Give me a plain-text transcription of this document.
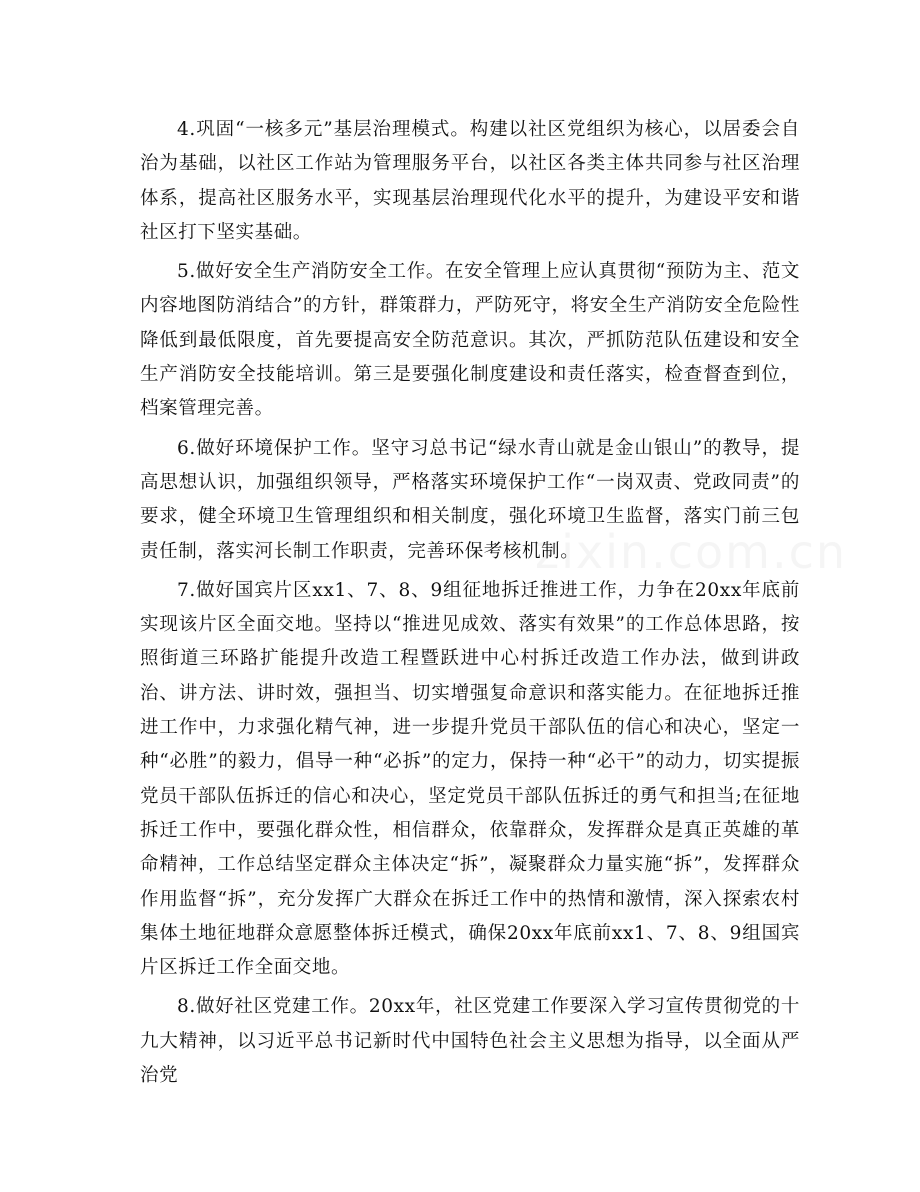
4.巩固“一核多元”基层治理模式。构建以社区党组织为核心，以居委会自治为基础，以社区工作站为管理服务平台，以社区各类主体共同参与社区治理体系，提高社区服务水平，实现基层治理现代化水平的提升，为建设平安和谐社区打下坚实基础。

5.做好安全生产消防安全工作。在安全管理上应认真贯彻“预防为主、范文内容地图防消结合”的方针，群策群力，严防死守，将安全生产消防安全危险性降低到最低限度，首先要提高安全防范意识。其次，严抓防范队伍建设和安全生产消防安全技能培训。第三是要强化制度建设和责任落实，检查督查到位，档案管理完善。

6.做好环境保护工作。坚守习总书记“绿水青山就是金山银山”的教导，提高思想认识，加强组织领导，严格落实环境保护工作“一岗双责、党政同责”的要求，健全环境卫生管理组织和相关制度，强化环境卫生监督，落实门前三包责任制，落实河长制工作职责，完善环保考核机制。

7.做好国宾片区xx1、7、8、9组征地拆迁推进工作，力争在20xx年底前实现该片区全面交地。坚持以“推进见成效、落实有效果”的工作总体思路，按照街道三环路扩能提升改造工程暨跃进中心村拆迁改造工作办法，做到讲政治、讲方法、讲时效，强担当、切实增强复命意识和落实能力。在征地拆迁推进工作中，力求强化精气神，进一步提升党员干部队伍的信心和决心，坚定一种“必胜”的毅力，倡导一种“必拆”的定力，保持一种“必干”的动力，切实提振党员干部队伍拆迁的信心和决心，坚定党员干部队伍拆迁的勇气和担当;在征地拆迁工作中，要强化群众性，相信群众，依靠群众，发挥群众是真正英雄的革命精神，工作总结坚定群众主体决定“拆”，凝聚群众力量实施“拆”，发挥群众作用监督“拆”，充分发挥广大群众在拆迁工作中的热情和激情，深入探索农村集体土地征地群众意愿整体拆迁模式，确保20xx年底前xx1、7、8、9组国宾片区拆迁工作全面交地。

8.做好社区党建工作。20xx年，社区党建工作要深入学习宣传贯彻党的十九大精神，以习近平总书记新时代中国特色社会主义思想为指导，以全面从严治党

zixin.com.cn
